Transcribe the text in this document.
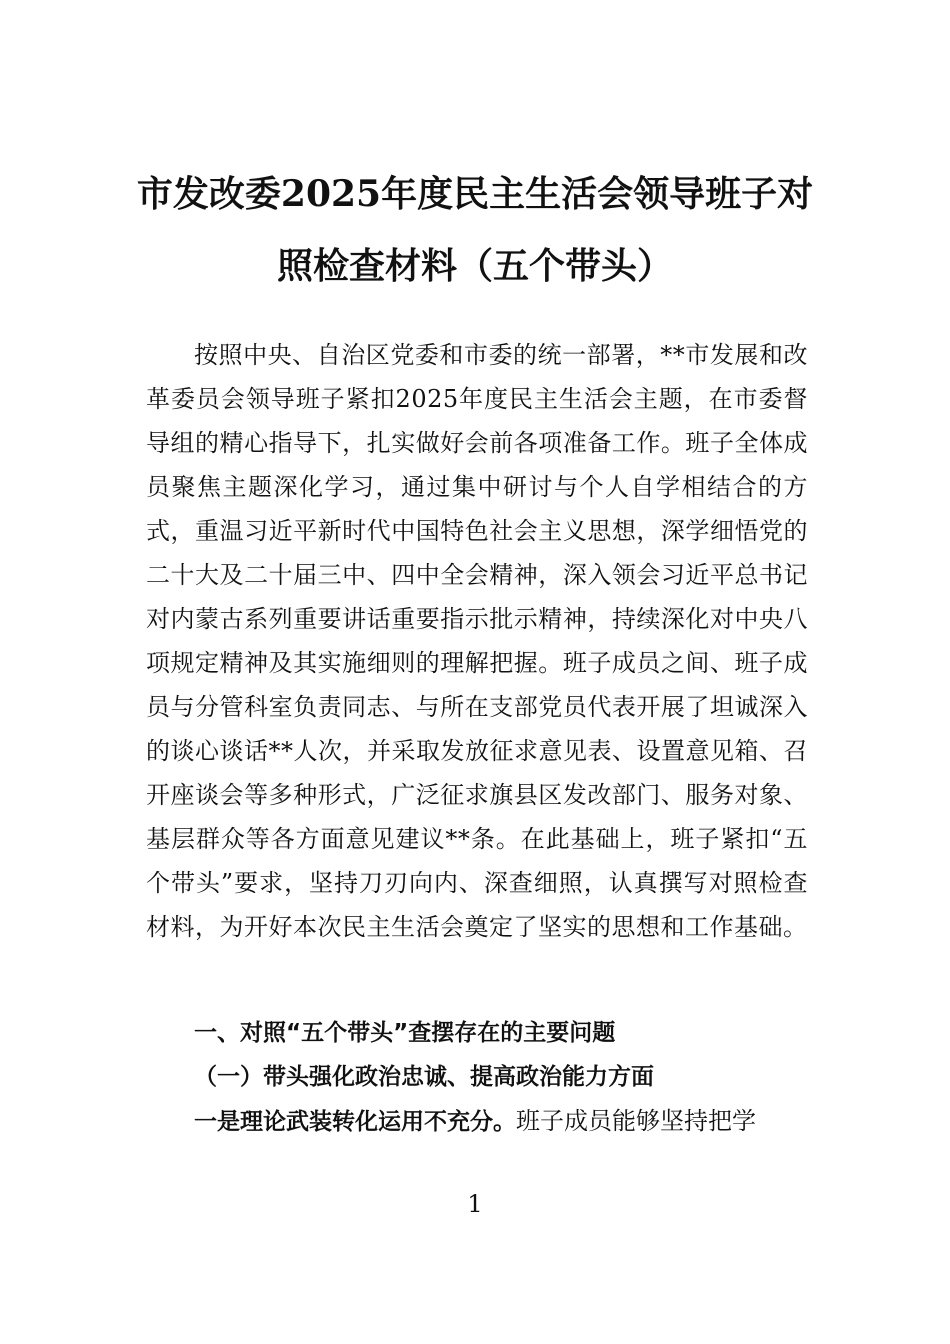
市发改委2025年度民主生活会领导班子对
照检查材料（五个带头）

按照中央、自治区党委和市委的统一部署，**市发展和改革委员会领导班子紧扣2025年度民主生活会主题，在市委督导组的精心指导下，扎实做好会前各项准备工作。班子全体成员聚焦主题深化学习，通过集中研讨与个人自学相结合的方式，重温习近平新时代中国特色社会主义思想，深学细悟党的二十大及二十届三中、四中全会精神，深入领会习近平总书记对内蒙古系列重要讲话重要指示批示精神，持续深化对中央八项规定精神及其实施细则的理解把握。班子成员之间、班子成员与分管科室负责同志、与所在支部党员代表开展了坦诚深入的谈心谈话**人次，并采取发放征求意见表、设置意见箱、召开座谈会等多种形式，广泛征求旗县区发改部门、服务对象、基层群众等各方面意见建议**条。在此基础上，班子紧扣“五个带头”要求，坚持刀刃向内、深查细照，认真撰写对照检查材料，为开好本次民主生活会奠定了坚实的思想和工作基础。

一、对照“五个带头”查摆存在的主要问题
（一）带头强化政治忠诚、提高政治能力方面

一是理论武装转化运用不充分。班子成员能够坚持把学

1
